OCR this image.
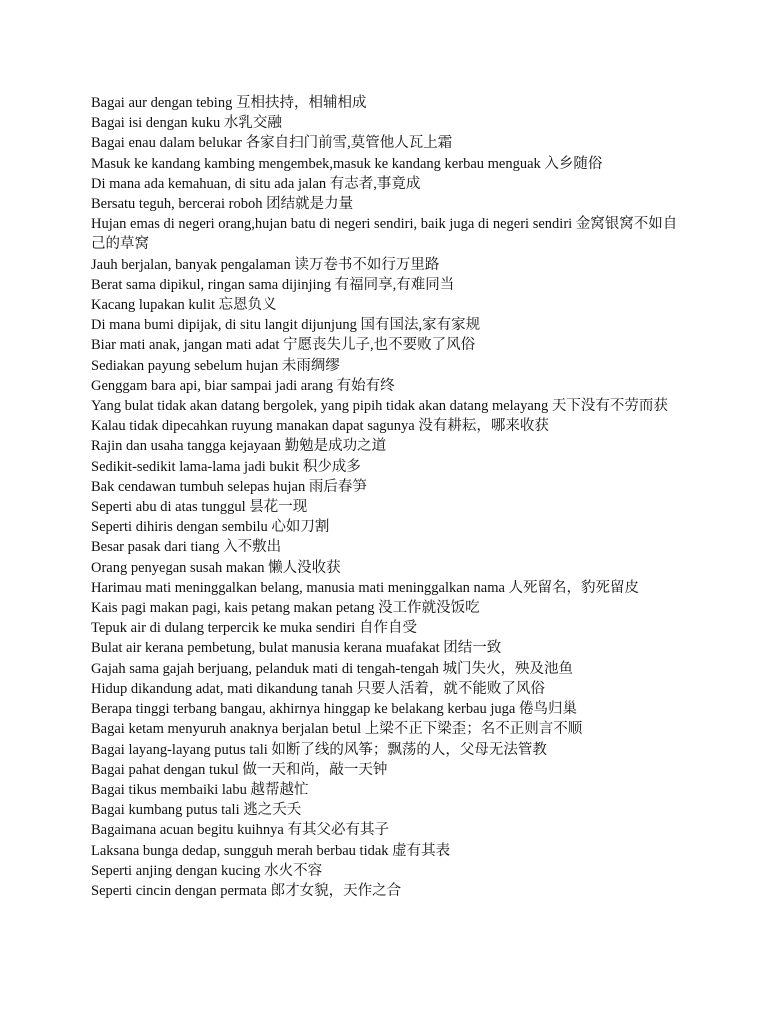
Bagai aur dengan tebing 互相扶持，相辅相成
Bagai isi dengan kuku 水乳交融
Bagai enau dalam belukar 各家自扫门前雪,莫管他人瓦上霜
Masuk ke kandang kambing mengembek,masuk ke kandang kerbau menguak 入乡随俗
Di mana ada kemahuan, di situ ada jalan 有志者,事竟成
Bersatu teguh, bercerai roboh 团结就是力量
Hujan emas di negeri orang,hujan batu di negeri sendiri, baik juga di negeri sendiri 金窝银窝不如自己的草窝
Jauh berjalan, banyak pengalaman 读万卷书不如行万里路
Berat sama dipikul, ringan sama dijinjing 有福同享,有难同当
Kacang lupakan kulit 忘恩负义
Di mana bumi dipijak, di situ langit dijunjung 国有国法,家有家规
Biar mati anak, jangan mati adat 宁愿丧失儿子,也不要败了风俗
Sediakan payung sebelum hujan 未雨绸缪
Genggam bara api, biar sampai jadi arang 有始有终
Yang bulat tidak akan datang bergolek, yang pipih tidak akan datang melayang 天下没有不劳而获
Kalau tidak dipecahkan ruyung manakan dapat sagunya 没有耕耘，哪来收获
Rajin dan usaha tangga kejayaan 勤勉是成功之道
Sedikit-sedikit lama-lama jadi bukit 积少成多
Bak cendawan tumbuh selepas hujan 雨后春笋
Seperti abu di atas tunggul 昙花一现
Seperti dihiris dengan sembilu 心如刀割
Besar pasak dari tiang 入不敷出
Orang penyegan susah makan 懒人没收获
Harimau mati meninggalkan belang, manusia mati meninggalkan nama 人死留名，豹死留皮
Kais pagi makan pagi, kais petang makan petang 没工作就没饭吃
Tepuk air di dulang terpercik ke muka sendiri 自作自受
Bulat air kerana pembetung, bulat manusia kerana muafakat 团结一致
Gajah sama gajah berjuang, pelanduk mati di tengah-tengah 城门失火，殃及池鱼
Hidup dikandung adat, mati dikandung tanah 只要人活着，就不能败了风俗
Berapa tinggi terbang bangau, akhirnya hinggap ke belakang kerbau juga 倦鸟归巢
Bagai ketam menyuruh anaknya berjalan betul 上梁不正下梁歪；名不正则言不顺
Bagai layang-layang putus tali 如断了线的风筝；飘荡的人，父母无法管教
Bagai pahat dengan tukul 做一天和尚，敲一天钟
Bagai tikus membaiki labu 越帮越忙
Bagai kumbang putus tali 逃之夭夭
Bagaimana acuan begitu kuihnya 有其父必有其子
Laksana bunga dedap, sungguh merah berbau tidak 虚有其表
Seperti anjing dengan kucing 水火不容
Seperti cincin dengan permata 郎才女貌，天作之合
